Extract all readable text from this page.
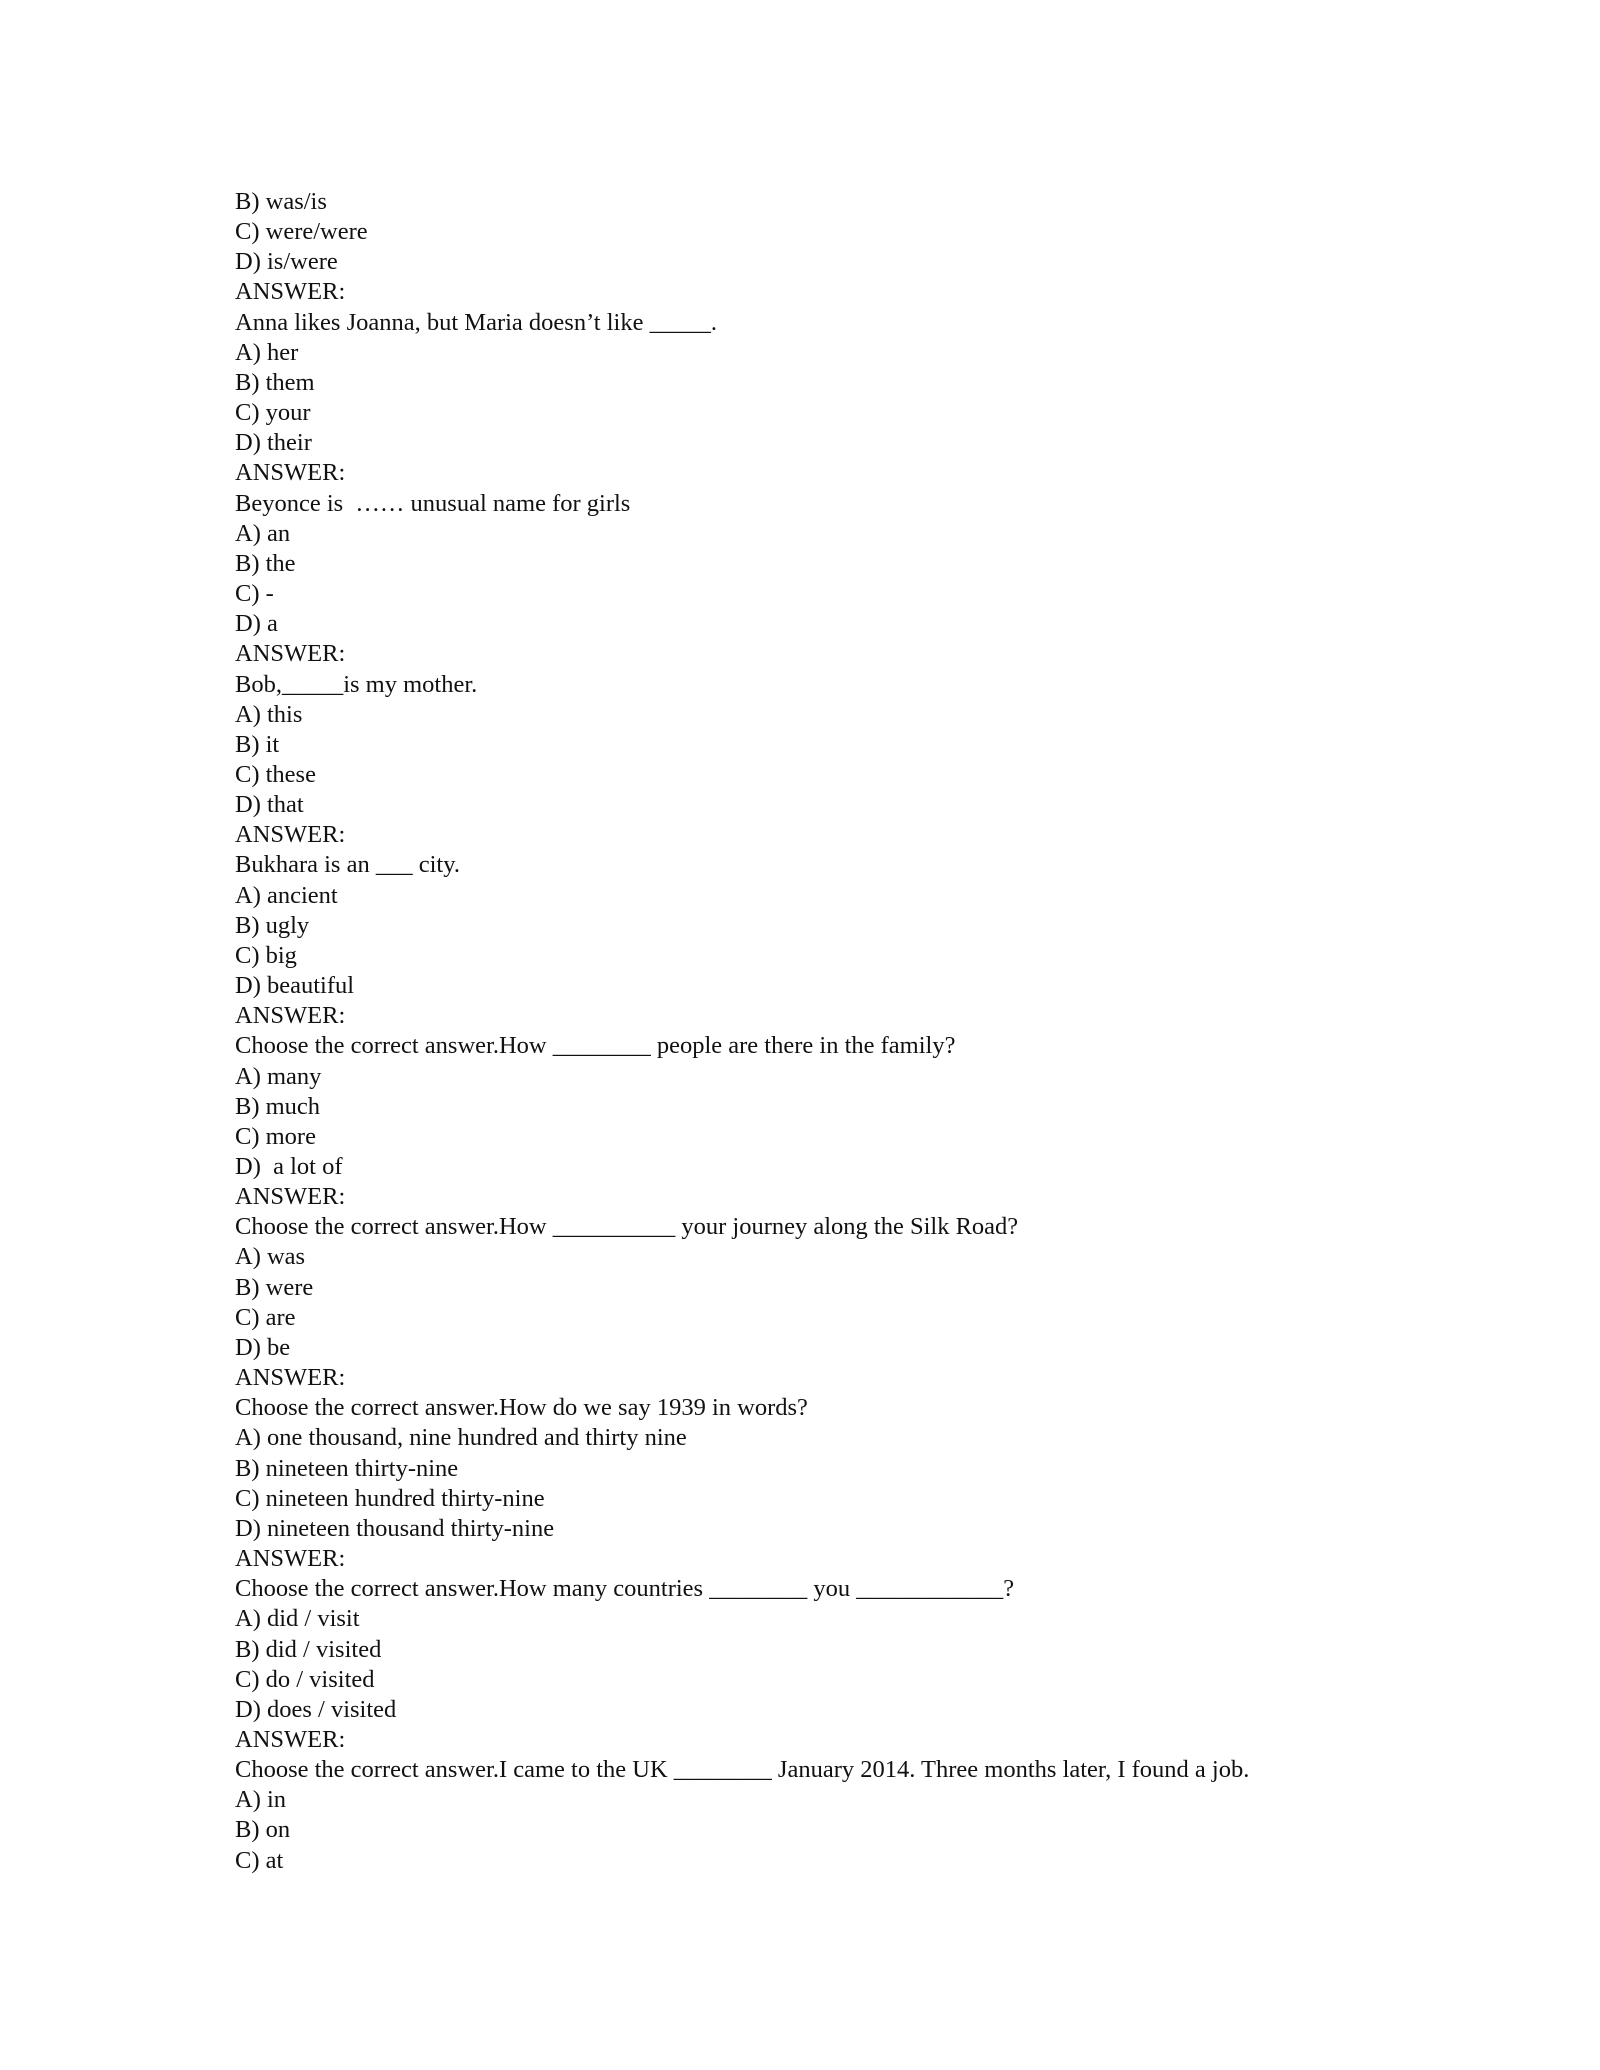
B) was/is
C) were/were
D) is/were
ANSWER:
Anna likes Joanna, but Maria doesn’t like _____.
A) her
B) them
C) your
D) their
ANSWER:
Beyonce is  …… unusual name for girls
A) an
B) the
C) -
D) a
ANSWER:
Bob,_____is my mother.
A) this
B) it
C) these
D) that
ANSWER:
Bukhara is an ___ city.
A) ancient
B) ugly
C) big
D) beautiful
ANSWER:
Choose the correct answer.How ________ people are there in the family?
A) many
B) much
C) more
D)  a lot of
ANSWER:
Choose the correct answer.How __________ your journey along the Silk Road?
A) was
B) were
C) are
D) be
ANSWER:
Choose the correct answer.How do we say 1939 in words?
A) one thousand, nine hundred and thirty nine
B) nineteen thirty-nine
C) nineteen hundred thirty-nine
D) nineteen thousand thirty-nine
ANSWER:
Choose the correct answer.How many countries ________ you ____________?
A) did / visit
B) did / visited
C) do / visited
D) does / visited
ANSWER:
Choose the correct answer.I came to the UK ________ January 2014. Three months later, I found a job.
A) in
B) on
C) at
